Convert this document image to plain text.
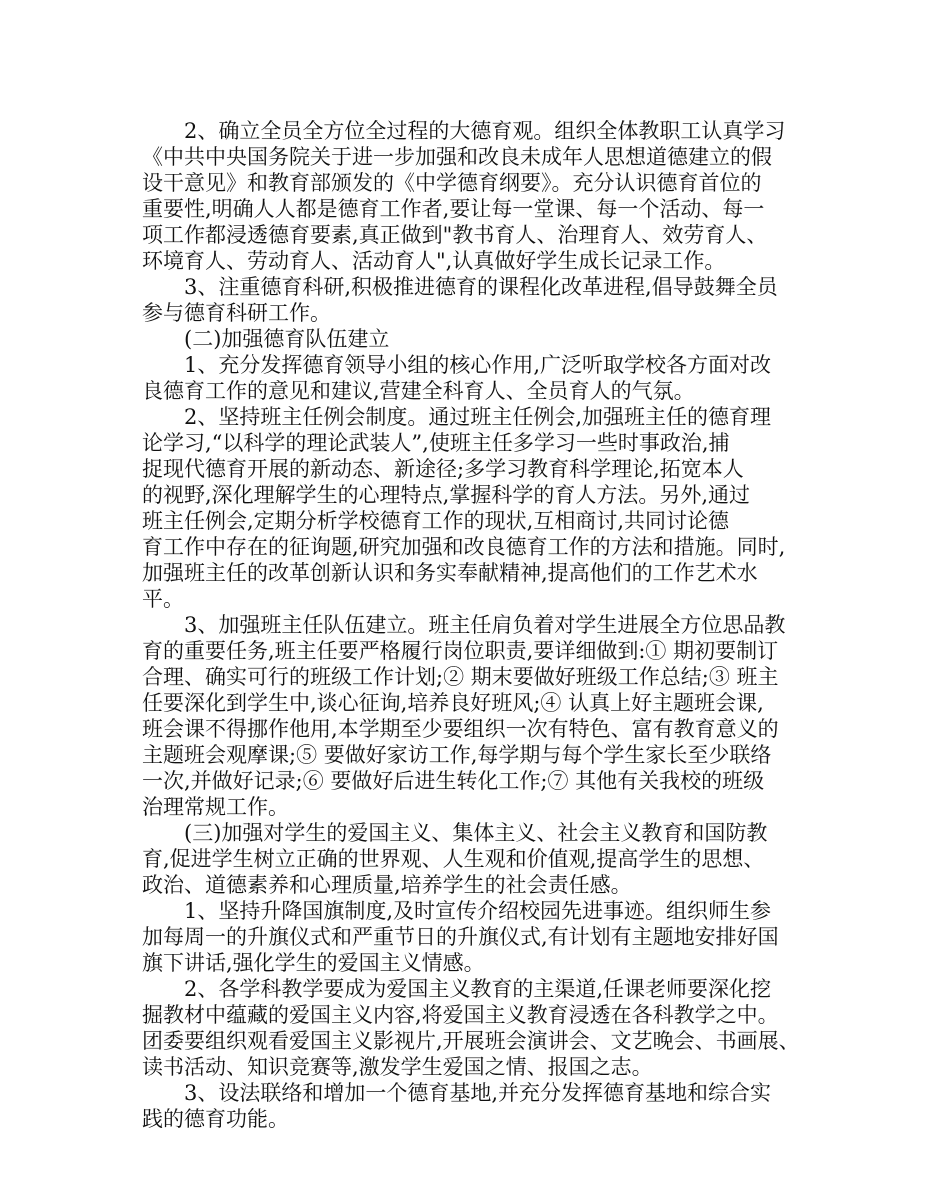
2、确立全员全方位全过程的大德育观。组织全体教职工认真学习
《中共中央国务院关于进一步加强和改良未成年人思想道德建立的假
设干意见》和教育部颁发的《中学德育纲要》。充分认识德育首位的
重要性,明确人人都是德育工作者,要让每一堂课、每一个活动、每一
项工作都浸透德育要素,真正做到"教书育人、治理育人、效劳育人、
环境育人、劳动育人、活动育人",认真做好学生成长记录工作。
3、注重德育科研,积极推进德育的课程化改革进程,倡导鼓舞全员
参与德育科研工作。
(二)加强德育队伍建立
1、充分发挥德育领导小组的核心作用,广泛听取学校各方面对改
良德育工作的意见和建议,营建全科育人、全员育人的气氛。
2、坚持班主任例会制度。通过班主任例会,加强班主任的德育理
论学习,“以科学的理论武装人”,使班主任多学习一些时事政治,捕
捉现代德育开展的新动态、新途径;多学习教育科学理论,拓宽本人
的视野,深化理解学生的心理特点,掌握科学的育人方法。另外,通过
班主任例会,定期分析学校德育工作的现状,互相商讨,共同讨论德
育工作中存在的征询题,研究加强和改良德育工作的方法和措施。同时,
加强班主任的改革创新认识和务实奉献精神,提高他们的工作艺术水
平。
3、加强班主任队伍建立。班主任肩负着对学生进展全方位思品教
育的重要任务,班主任要严格履行岗位职责,要详细做到:① 期初要制订
合理、确实可行的班级工作计划;② 期末要做好班级工作总结;③ 班主
任要深化到学生中,谈心征询,培养良好班风;④ 认真上好主题班会课,
班会课不得挪作他用,本学期至少要组织一次有特色、富有教育意义的
主题班会观摩课;⑤ 要做好家访工作,每学期与每个学生家长至少联络
一次,并做好记录;⑥ 要做好后进生转化工作;⑦ 其他有关我校的班级
治理常规工作。
(三)加强对学生的爱国主义、集体主义、社会主义教育和国防教
育,促进学生树立正确的世界观、人生观和价值观,提高学生的思想、
政治、道德素养和心理质量,培养学生的社会责任感。
1、坚持升降国旗制度,及时宣传介绍校园先进事迹。组织师生参
加每周一的升旗仪式和严重节日的升旗仪式,有计划有主题地安排好国
旗下讲话,强化学生的爱国主义情感。
2、各学科教学要成为爱国主义教育的主渠道,任课老师要深化挖
掘教材中蕴藏的爱国主义内容,将爱国主义教育浸透在各科教学之中。
团委要组织观看爱国主义影视片,开展班会演讲会、文艺晚会、书画展、
读书活动、知识竞赛等,激发学生爱国之情、报国之志。
3、设法联络和增加一个德育基地,并充分发挥德育基地和综合实
践的德育功能。
